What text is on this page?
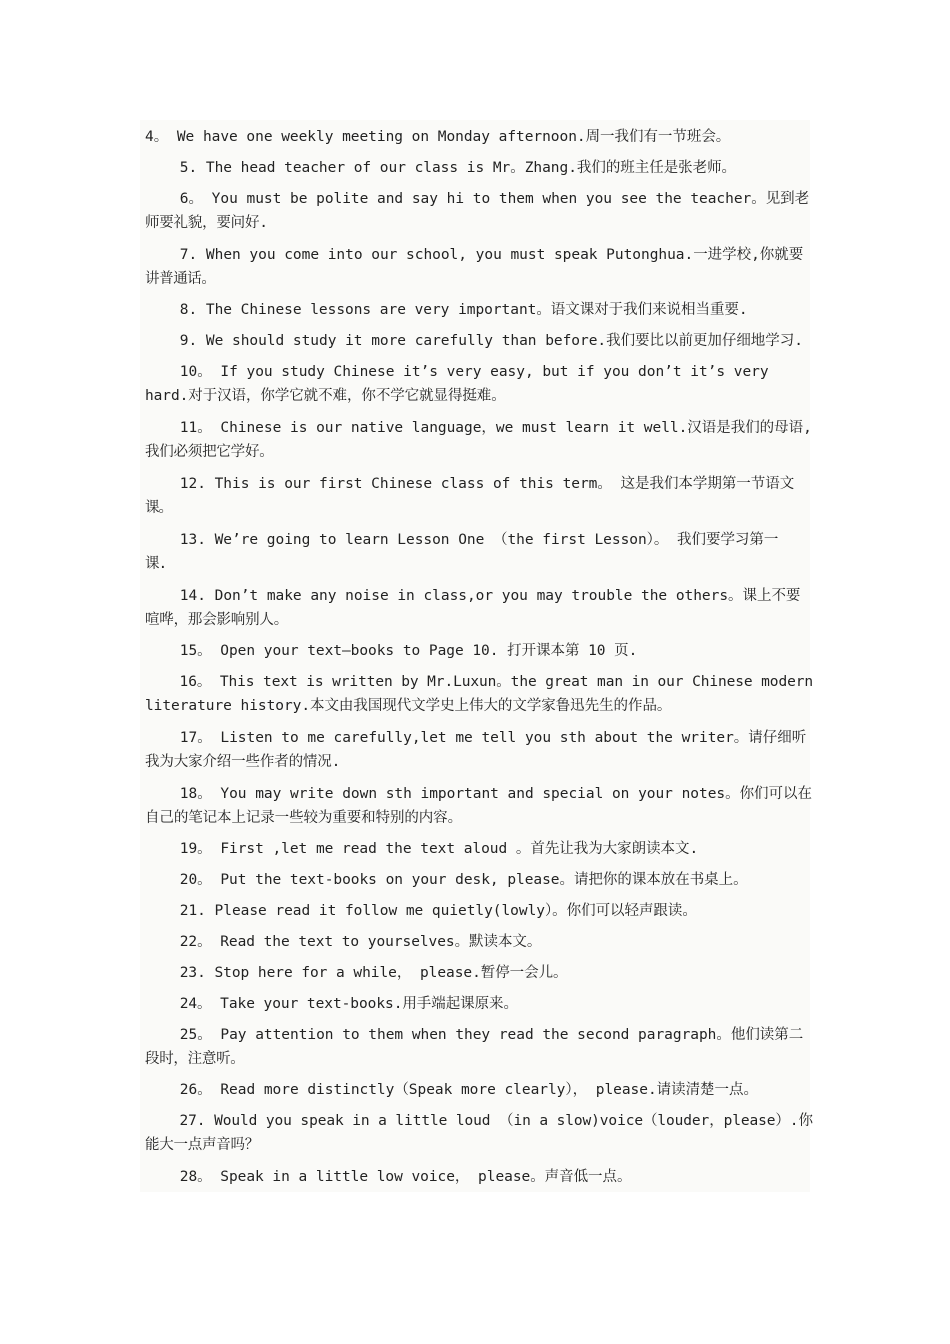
4。 We have one weekly meeting on Monday afternoon.周一我们有一节班会。
5. The head teacher of our class is Mr。Zhang.我们的班主任是张老师。
6。 You must be polite and say hi to them when you see the teacher。见到老
师要礼貌，要问好.
7. When you come into our school, you must speak Putonghua.一进学校,你就要
讲普通话。
8. The Chinese lessons are very important。语文课对于我们来说相当重要.
9. We should study it more carefully than before.我们要比以前更加仔细地学习.
10。 If you study Chinese it’s very easy, but if you don’t it’s very
hard.对于汉语，你学它就不难，你不学它就显得挺难。
11。 Chinese is our native language，we must learn it well.汉语是我们的母语,
我们必须把它学好。
12. This is our first Chinese class of this term。 这是我们本学期第一节语文
课。
13. We’re going to learn Lesson One （the first Lesson）。 我们要学习第一
课.
14. Don’t make any noise in class,or you may trouble the others。课上不要
喧哗，那会影响别人。
15。 Open your text—books to Page 10. 打开课本第 10 页.
16。 This text is written by Mr.Luxun。the great man in our Chinese modern
literature history.本文由我国现代文学史上伟大的文学家鲁迅先生的作品。
17。 Listen to me carefully,let me tell you sth about the writer。请仔细听
我为大家介绍一些作者的情况.
18。 You may write down sth important and special on your notes。你们可以在
自己的笔记本上记录一些较为重要和特别的内容。
19。 First ,let me read the text aloud 。首先让我为大家朗读本文.
20。 Put the text-books on your desk, please。请把你的课本放在书桌上。
21. Please read it follow me quietly(lowly）。你们可以轻声跟读。
22。 Read the text to yourselves。默读本文。
23. Stop here for a while， please.暂停一会儿。
24。 Take your text-books.用手端起课原来。
25。 Pay attention to them when they read the second paragraph。他们读第二
段时，注意听。
26。 Read more distinctly（Speak more clearly）， please.请读清楚一点。
27. Would you speak in a little loud （in a slow)voice（louder，please）.你
能大一点声音吗？
28。 Speak in a little low voice， please。声音低一点。
